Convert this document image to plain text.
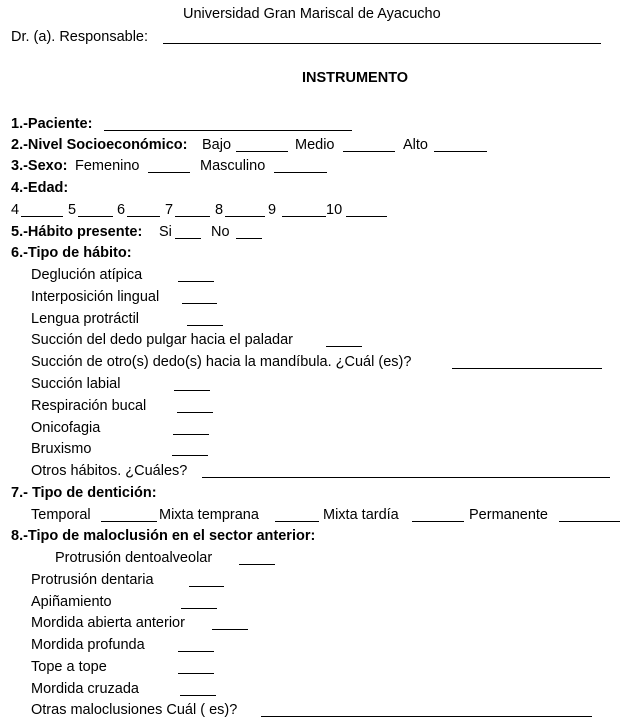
Universidad Gran Mariscal de Ayacucho
Dr. (a). Responsable:
INSTRUMENTO
1.-Paciente:
2.-Nivel Socioeconómico: Bajo	Medio	Alto
3.-Sexo: Femenino	Masculino
4.-Edad:
4	5	6	7	8	9	10
5.-Hábito presente: Si	No
6.-Tipo de hábito:
Deglución atípica
Interposición lingual
Lengua protráctil
Succión del dedo pulgar hacia el paladar
Succión de otro(s) dedo(s) hacia la mandíbula. ¿Cuál (es)?
Succión labial
Respiración bucal
Onicofagia
Bruxismo
Otros hábitos. ¿Cuáles?
7.- Tipo de dentición:
Temporal	Mixta temprana	Mixta tardía	Permanente
8.-Tipo de maloclusión en el sector anterior:
Protrusión dentoalveolar
Protrusión dentaria
Apiñamiento
Mordida abierta anterior
Mordida profunda
Tope a tope
Mordida cruzada
Otras maloclusiones Cuál ( es)?
